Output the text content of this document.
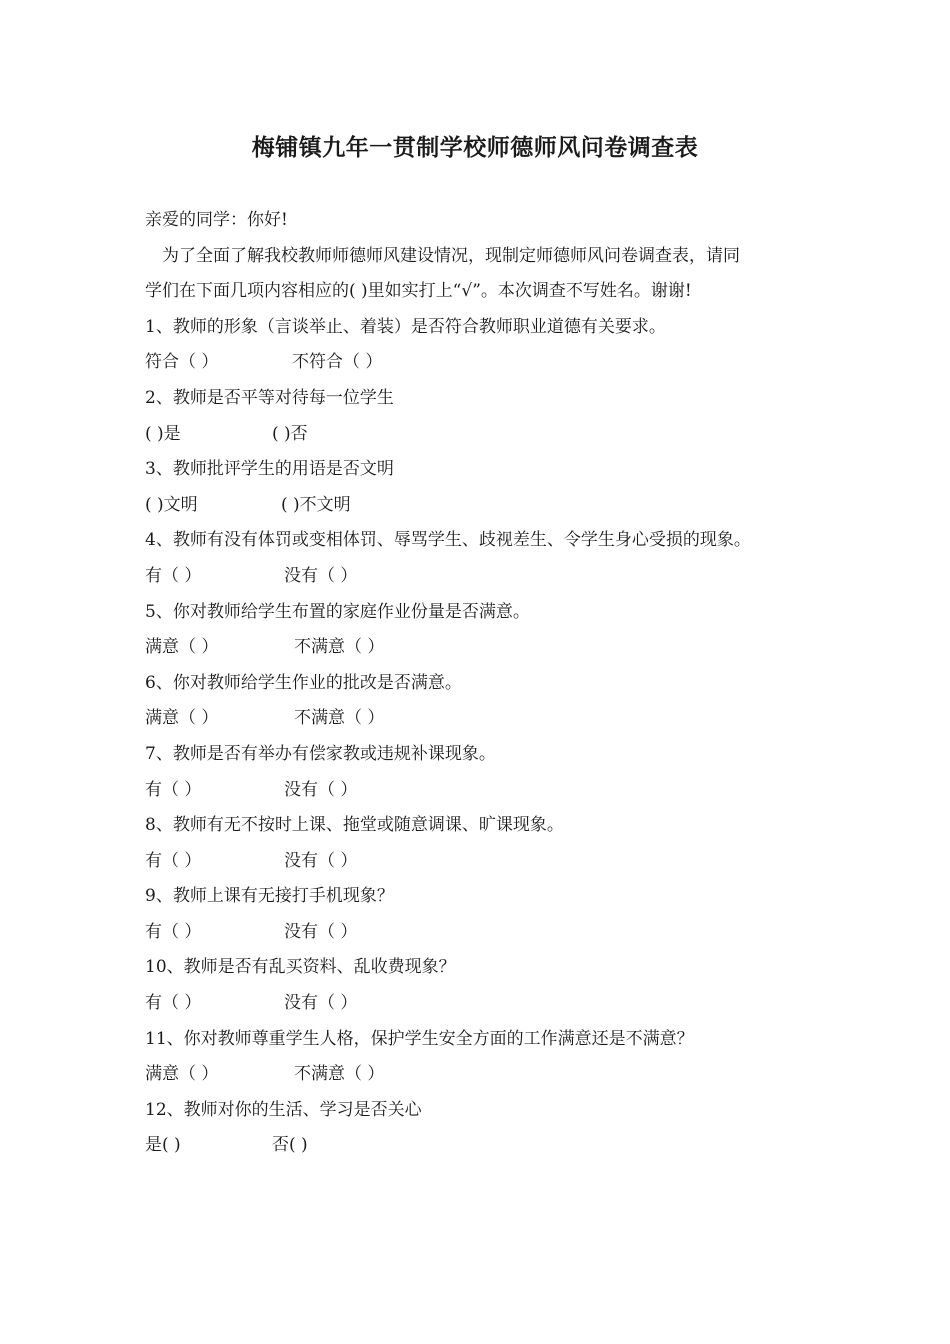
梅铺镇九年一贯制学校师德师风问卷调查表
亲爱的同学：你好!
为了全面了解我校教师师德师风建设情况，现制定师德师风问卷调查表，请同
学们在下面几项内容相应的( )里如实打上“√”。本次调查不写姓名。谢谢!
1、教师的形象（言谈举止、着装）是否符合教师职业道德有关要求。
符合（ ）	不符合（ ）
2、教师是否平等对待每一位学生
( )是	( )否
3、教师批评学生的用语是否文明
( )文明	( )不文明
4、教师有没有体罚或变相体罚、辱骂学生、歧视差生、令学生身心受损的现象。
有（ ）	没有（ ）
5、你对教师给学生布置的家庭作业份量是否满意。
满意（ ）	不满意（ ）
6、你对教师给学生作业的批改是否满意。
满意（ ）	不满意（ ）
7、教师是否有举办有偿家教或违规补课现象。
有（ ）	没有（ ）
8、教师有无不按时上课、拖堂或随意调课、旷课现象。
有（ ）	没有（ ）
9、教师上课有无接打手机现象？
有（ ）	没有（ ）
10、教师是否有乱买资料、乱收费现象？
有（ ）	没有（ ）
11、你对教师尊重学生人格，保护学生安全方面的工作满意还是不满意？
满意（ ）	不满意（ ）
12、教师对你的生活、学习是否关心
是( )	否( )
